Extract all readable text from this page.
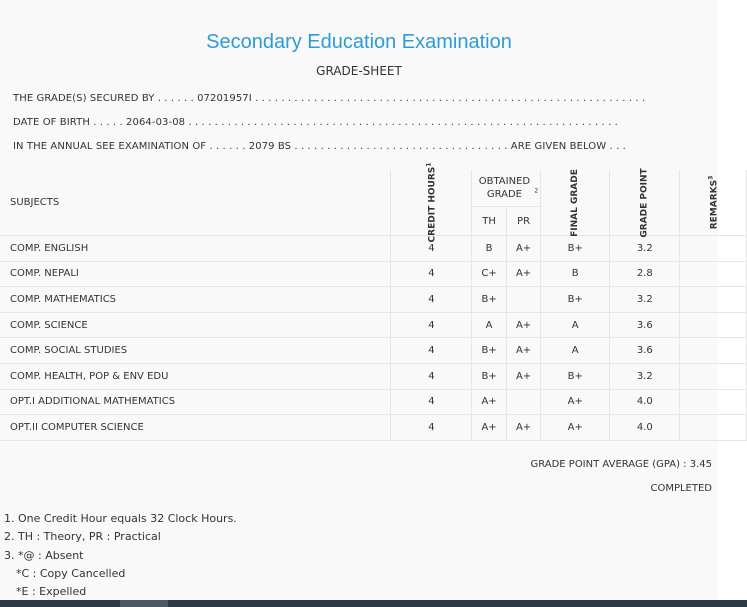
Secondary Education Examination
GRADE-SHEET
THE GRADE(S) SECURED BY . . . . . . 07201957I . . . . . . . . . . . . . . . . . . . . . . . . . . . . . . . . . . . . . . . . . . . . . . . . . . . . . . . . . . . .
DATE OF BIRTH . . . . . 2064-03-08 . . . . . . . . . . . . . . . . . . . . . . . . . . . . . . . . . . . . . . . . . . . . . . . . . . . . . . . . . . . . . . . . . .
IN THE ANNUAL SEE EXAMINATION OF . . . . . . 2079 BS . . . . . . . . . . . . . . . . . . . . . . . . . . . . . . . . . ARE GIVEN BELOW . . .
SUBJECTS	CREDIT HOURS$^1$	OBTAINED GRADE $^2$		FINAL GRADE	GRADE POINT	REMARKS$^3$
		TH	PR			
COMP. ENGLISH	4	B	A+	B+	3.2	
COMP. NEPALI	4	C+	A+	B	2.8	
COMP. MATHEMATICS	4	B+		B+	3.2	
COMP. SCIENCE	4	A	A+	A	3.6	
COMP. SOCIAL STUDIES	4	B+	A+	A	3.6	
COMP. HEALTH, POP & ENV EDU	4	B+	A+	B+	3.2	
OPT.I ADDITIONAL MATHEMATICS	4	A+		A+	4.0	
OPT.II COMPUTER SCIENCE	4	A+	A+	A+	4.0	
GRADE POINT AVERAGE (GPA) : 3.45
COMPLETED
1. One Credit Hour equals 32 Clock Hours.
2. TH : Theory, PR : Practical
3. *@ : Absent
*C : Copy Cancelled
*E : Expelled
